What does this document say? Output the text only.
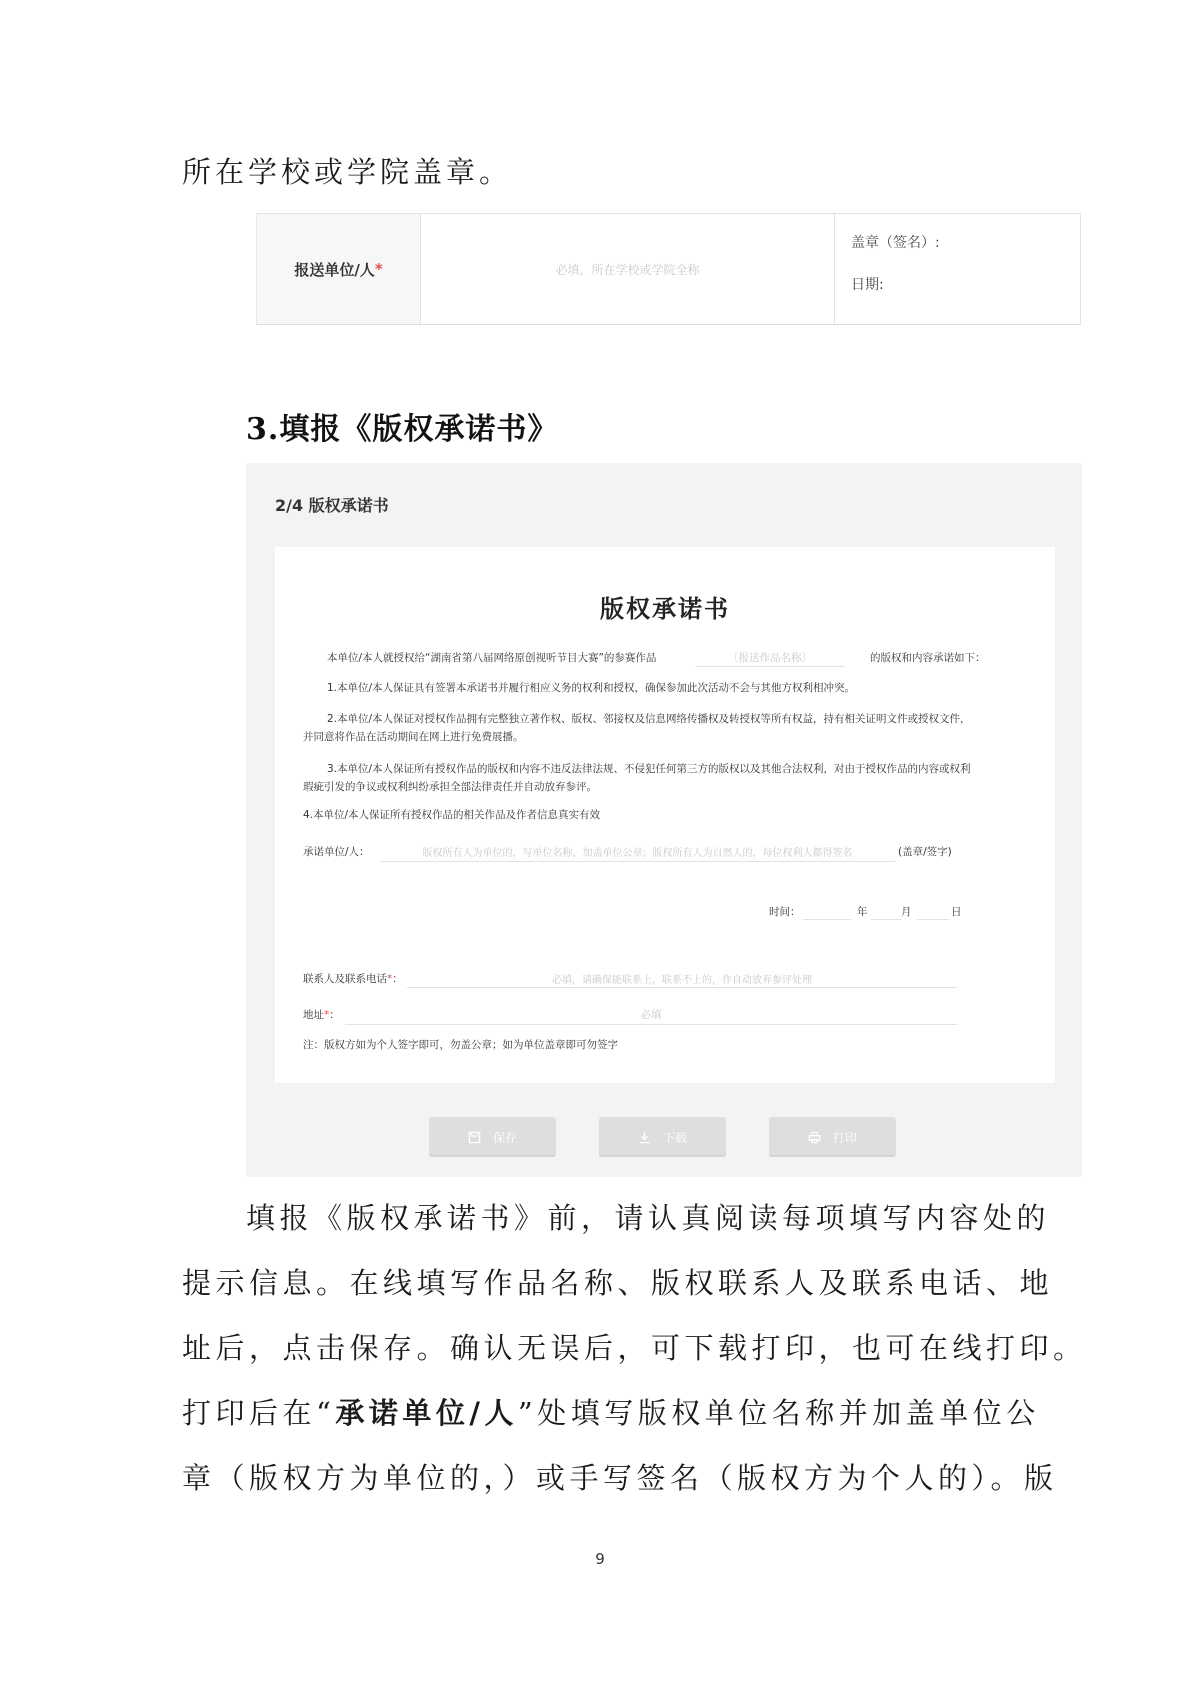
所在学校或学院盖章。
报送单位/人 *	必填，所在学校或学院全称
盖章（签名）:
日期:
3.填报《版权承诺书》
2/4 版权承诺书
版权承诺书
本单位/本人就授权给“湖南省第八届网络原创视听节目大赛”的参赛作品	〔报送作品名称〕	的版权和内容承诺如下：
1.本单位/本人保证具有签署本承诺书并履行相应义务的权利和授权，确保参加此次活动不会与其他方权利相冲突。
2.本单位/本人保证对授权作品拥有完整独立著作权、版权、邻接权及信息网络传播权及转授权等所有权益，持有相关证明文件或授权文件，
并同意将作品在活动期间在网上进行免费展播。
3.本单位/本人保证所有授权作品的版权和内容不违反法律法规、不侵犯任何第三方的版权以及其他合法权利，对由于授权作品的内容或权利
瑕疵引发的争议或权利纠纷承担全部法律责任并自动放弃参评。
4.本单位/本人保证所有授权作品的相关作品及作者信息真实有效
承诺单位/人：	版权所有人为单位的，写单位名称，加盖单位公章；版权所有人为自然人的，每位权利人都得签名	(盖章/签字)
时间：	年	月	日
联系人及联系电话*：	必填，请确保能联系上，联系不上的，作自动放弃参评处理
地址*：	必填
注：版权方如为个人签字即可，勿盖公章；如为单位盖章即可勿签字
保存	下载	打印
填报《版权承诺书》前，请认真阅读每项填写内容处的
提示信息。在线填写作品名称、版权联系人及联系电话、地
址后，点击保存。确认无误后，可下载打印，也可在线打印。
打印后在“承诺单位/人”处填写版权单位名称并加盖单位公
章（版权方为单位的，）或手写签名（版权方为个人的）。版
9
